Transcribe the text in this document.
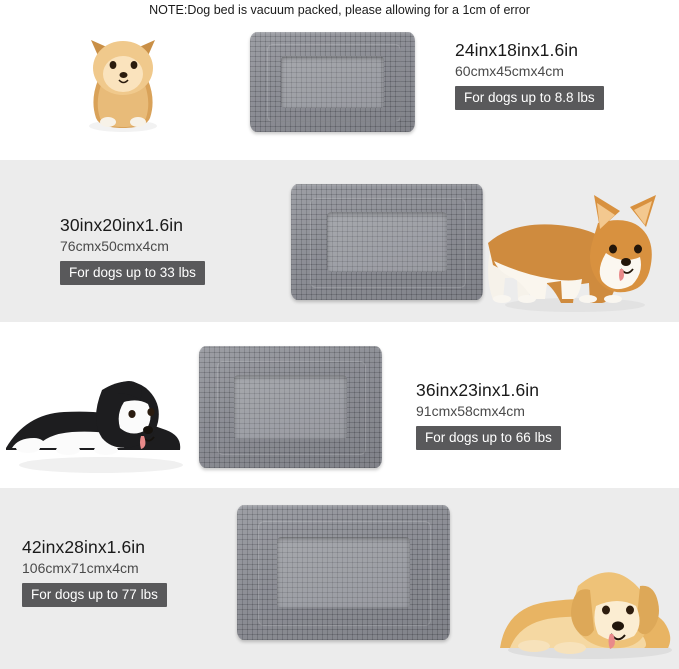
NOTE:Dog bed is vacuum packed, please allowing for a 1cm of error
24inx18inx1.6in
60cmx45cmx4cm
For dogs up to 8.8 lbs
30inx20inx1.6in
76cmx50cmx4cm
For dogs up to 33 lbs
36inx23inx1.6in
91cmx58cmx4cm
For dogs up to 66 lbs
42inx28inx1.6in
106cmx71cmx4cm
For dogs up to 77 lbs
